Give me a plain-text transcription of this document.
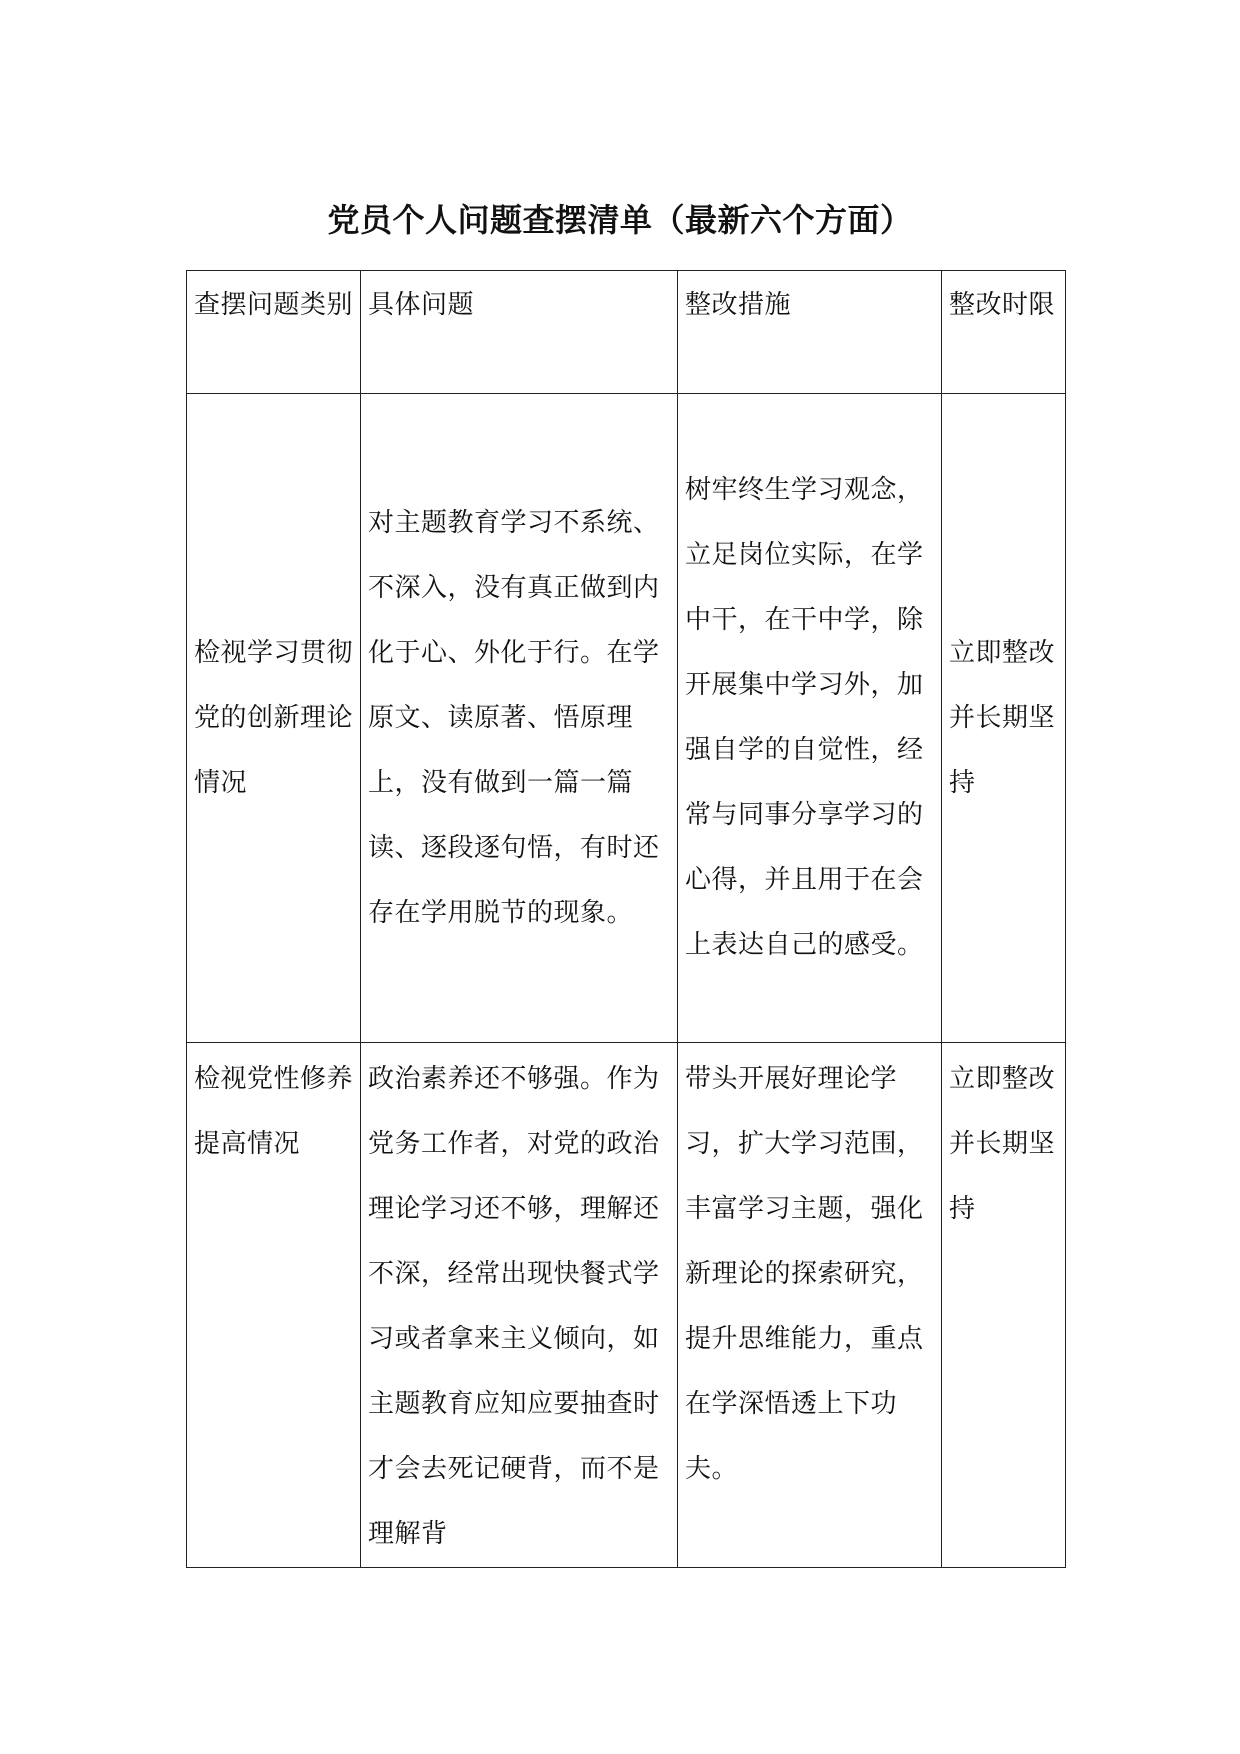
党员个人问题查摆清单（最新六个方面）
查摆问题类别	具体问题	整改措施	整改时限

检视学习贯彻党的创新理论情况	对主题教育学习不系统、不深入，没有真正做到内化于心、外化于行。在学原文、读原著、悟原理上，没有做到一篇一篇读、逐段逐句悟，有时还存在学用脱节的现象。	树牢终生学习观念，立足岗位实际，在学中干，在干中学，除开展集中学习外，加强自学的自觉性，经常与同事分享学习的心得，并且用于在会上表达自己的感受。	立即整改并长期坚持

检视党性修养提高情况	政治素养还不够强。作为党务工作者，对党的政治理论学习还不够，理解还不深，经常出现快餐式学习或者拿来主义倾向，如主题教育应知应要抽查时才会去死记硬背，而不是理解背	带头开展好理论学习，扩大学习范围，丰富学习主题，强化新理论的探索研究，提升思维能力，重点在学深悟透上下功夫。	立即整改并长期坚持
